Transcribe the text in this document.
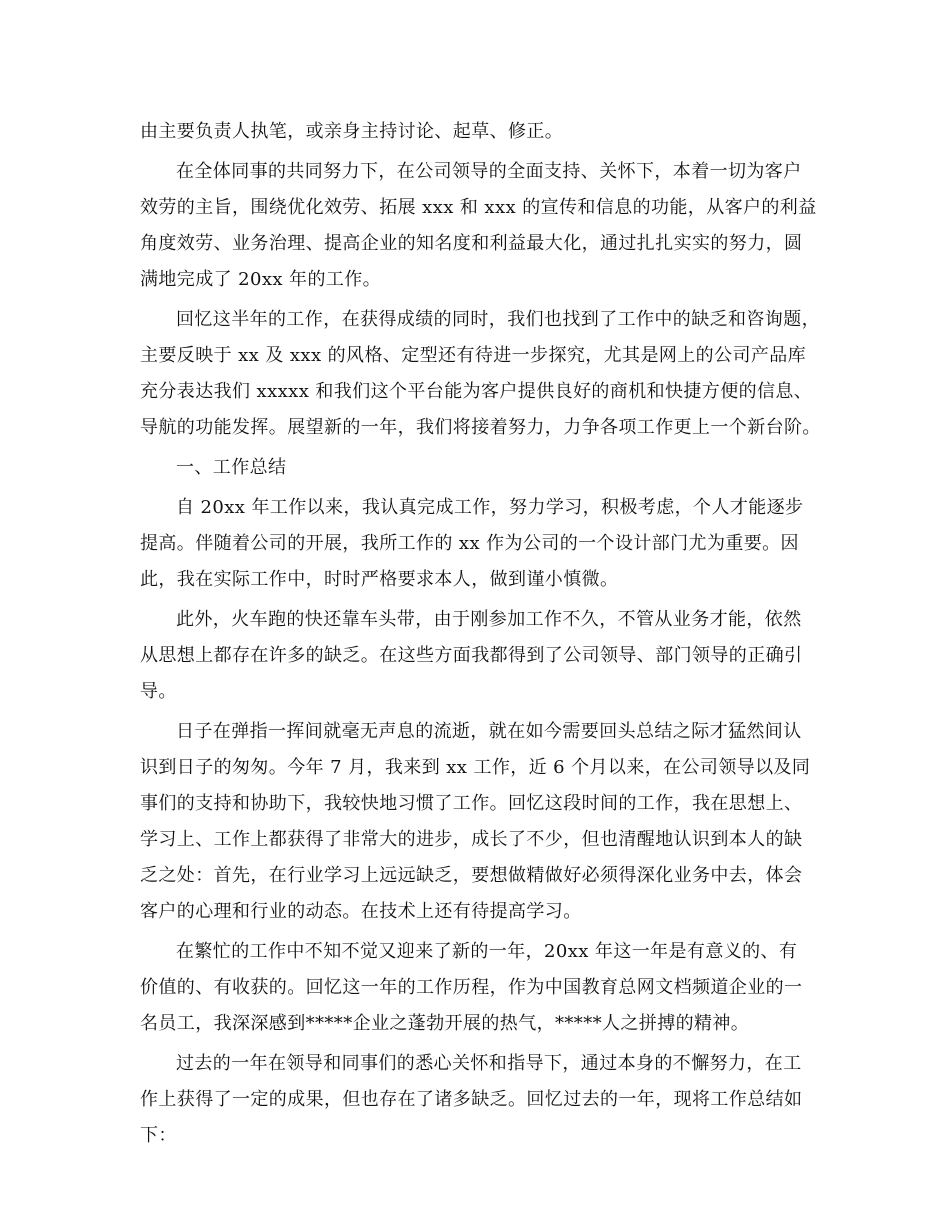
由主要负责人执笔，或亲身主持讨论、起草、修正。
在全体同事的共同努力下，在公司领导的全面支持、关怀下，本着一切为客户
效劳的主旨，围绕优化效劳、拓展 xxx 和 xxx 的宣传和信息的功能，从客户的利益
角度效劳、业务治理、提高企业的知名度和利益最大化，通过扎扎实实的努力，圆
满地完成了 20xx 年的工作。
回忆这半年的工作，在获得成绩的同时，我们也找到了工作中的缺乏和咨询题，
主要反映于 xx 及 xxx 的风格、定型还有待进一步探究，尤其是网上的公司产品库
充分表达我们 xxxxx 和我们这个平台能为客户提供良好的商机和快捷方便的信息、
导航的功能发挥。展望新的一年，我们将接着努力，力争各项工作更上一个新台阶。
一、工作总结
自 20xx 年工作以来，我认真完成工作，努力学习，积极考虑，个人才能逐步
提高。伴随着公司的开展，我所工作的 xx 作为公司的一个设计部门尤为重要。因
此，我在实际工作中，时时严格要求本人，做到谨小慎微。
此外，火车跑的快还靠车头带，由于刚参加工作不久，不管从业务才能，依然
从思想上都存在许多的缺乏。在这些方面我都得到了公司领导、部门领导的正确引
导。
日子在弹指一挥间就毫无声息的流逝，就在如今需要回头总结之际才猛然间认
识到日子的匆匆。今年 7 月，我来到 xx 工作，近 6 个月以来，在公司领导以及同
事们的支持和协助下，我较快地习惯了工作。回忆这段时间的工作，我在思想上、
学习上、工作上都获得了非常大的进步，成长了不少，但也清醒地认识到本人的缺
乏之处：首先，在行业学习上远远缺乏，要想做精做好必须得深化业务中去，体会
客户的心理和行业的动态。在技术上还有待提高学习。
在繁忙的工作中不知不觉又迎来了新的一年，20xx 年这一年是有意义的、有
价值的、有收获的。回忆这一年的工作历程，作为中国教育总网文档频道企业的一
名员工，我深深感到*****企业之蓬勃开展的热气，*****人之拼搏的精神。
过去的一年在领导和同事们的悉心关怀和指导下，通过本身的不懈努力，在工
作上获得了一定的成果，但也存在了诸多缺乏。回忆过去的一年，现将工作总结如
下：
